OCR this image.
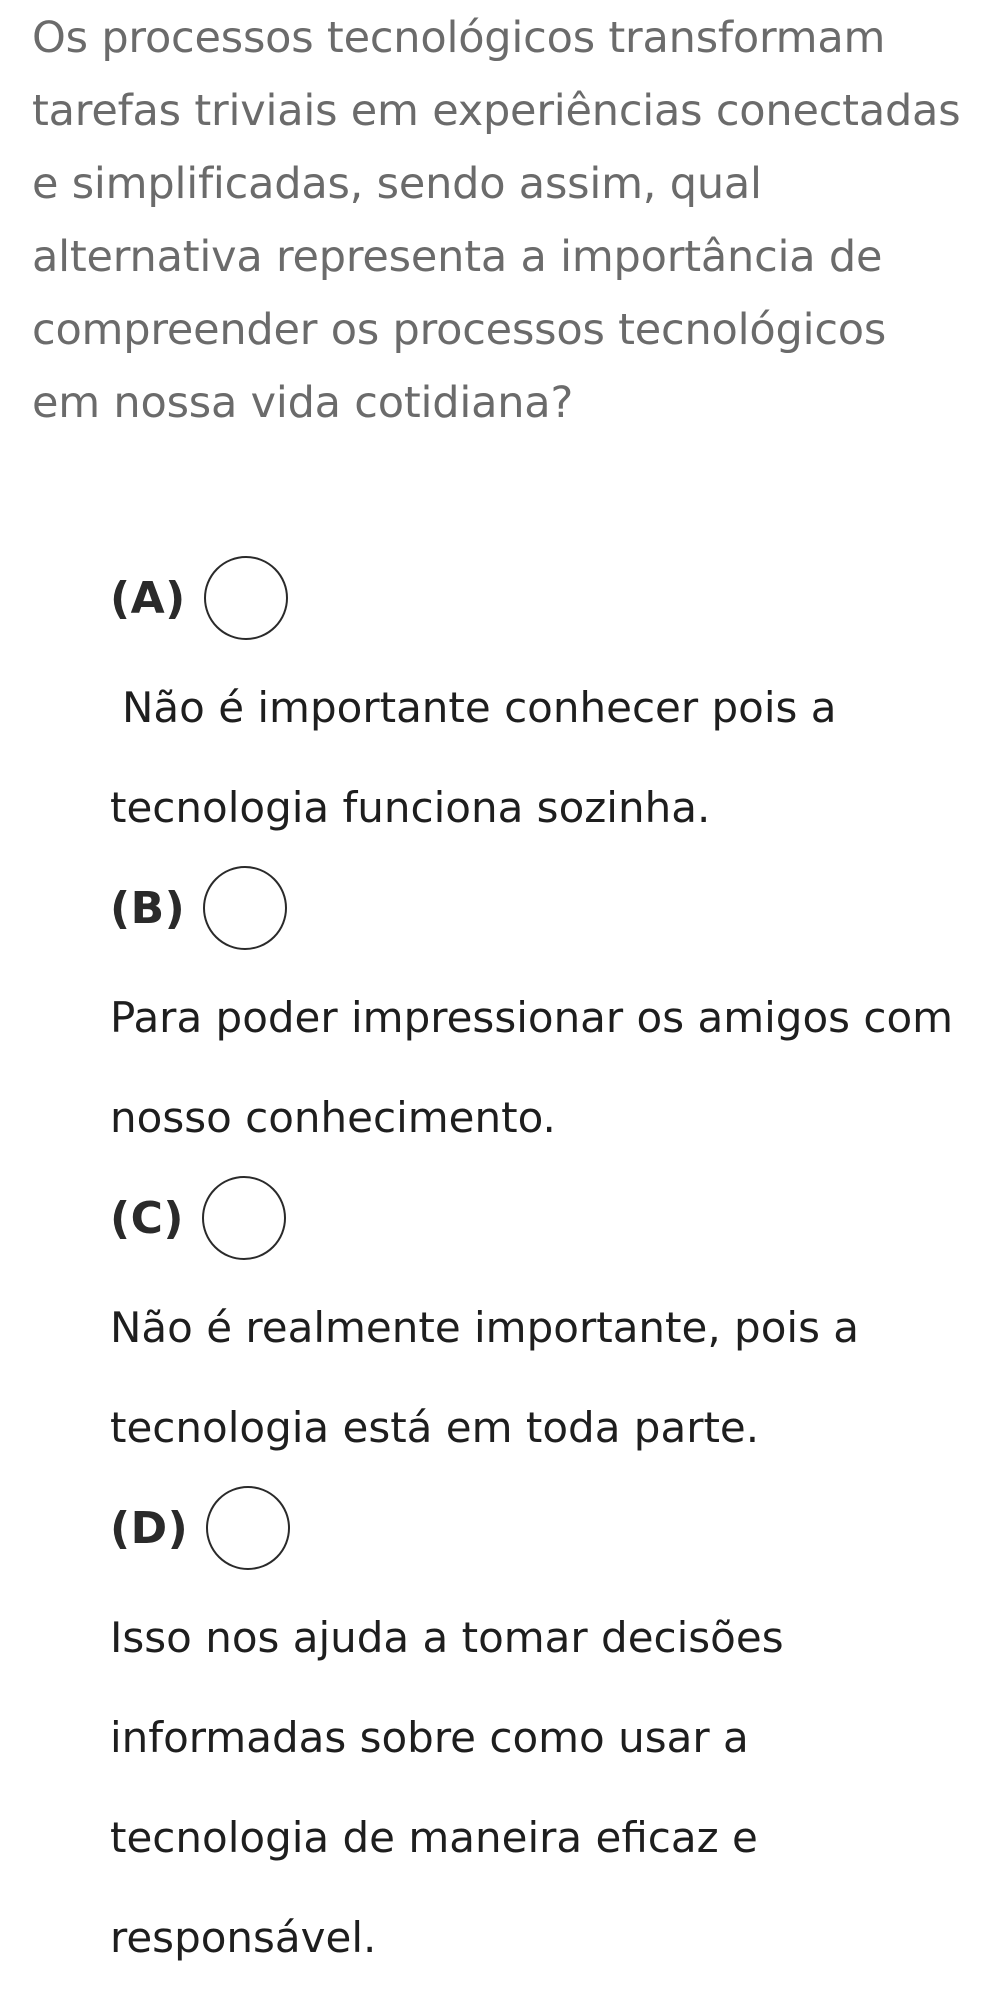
Os processos tecnológicos transformam tarefas triviais em experiências conectadas e simplificadas, sendo assim, qual alternativa representa a importância de compreender os processos tecnológicos em nossa vida cotidiana?

(A)

Não é importante conhecer pois a tecnologia funciona sozinha.

(B)

Para poder impressionar os amigos com nosso conhecimento.

(C)

Não é realmente importante, pois a tecnologia está em toda parte.

(D)

Isso nos ajuda a tomar decisões informadas sobre como usar a tecnologia de maneira eficaz e responsável.
